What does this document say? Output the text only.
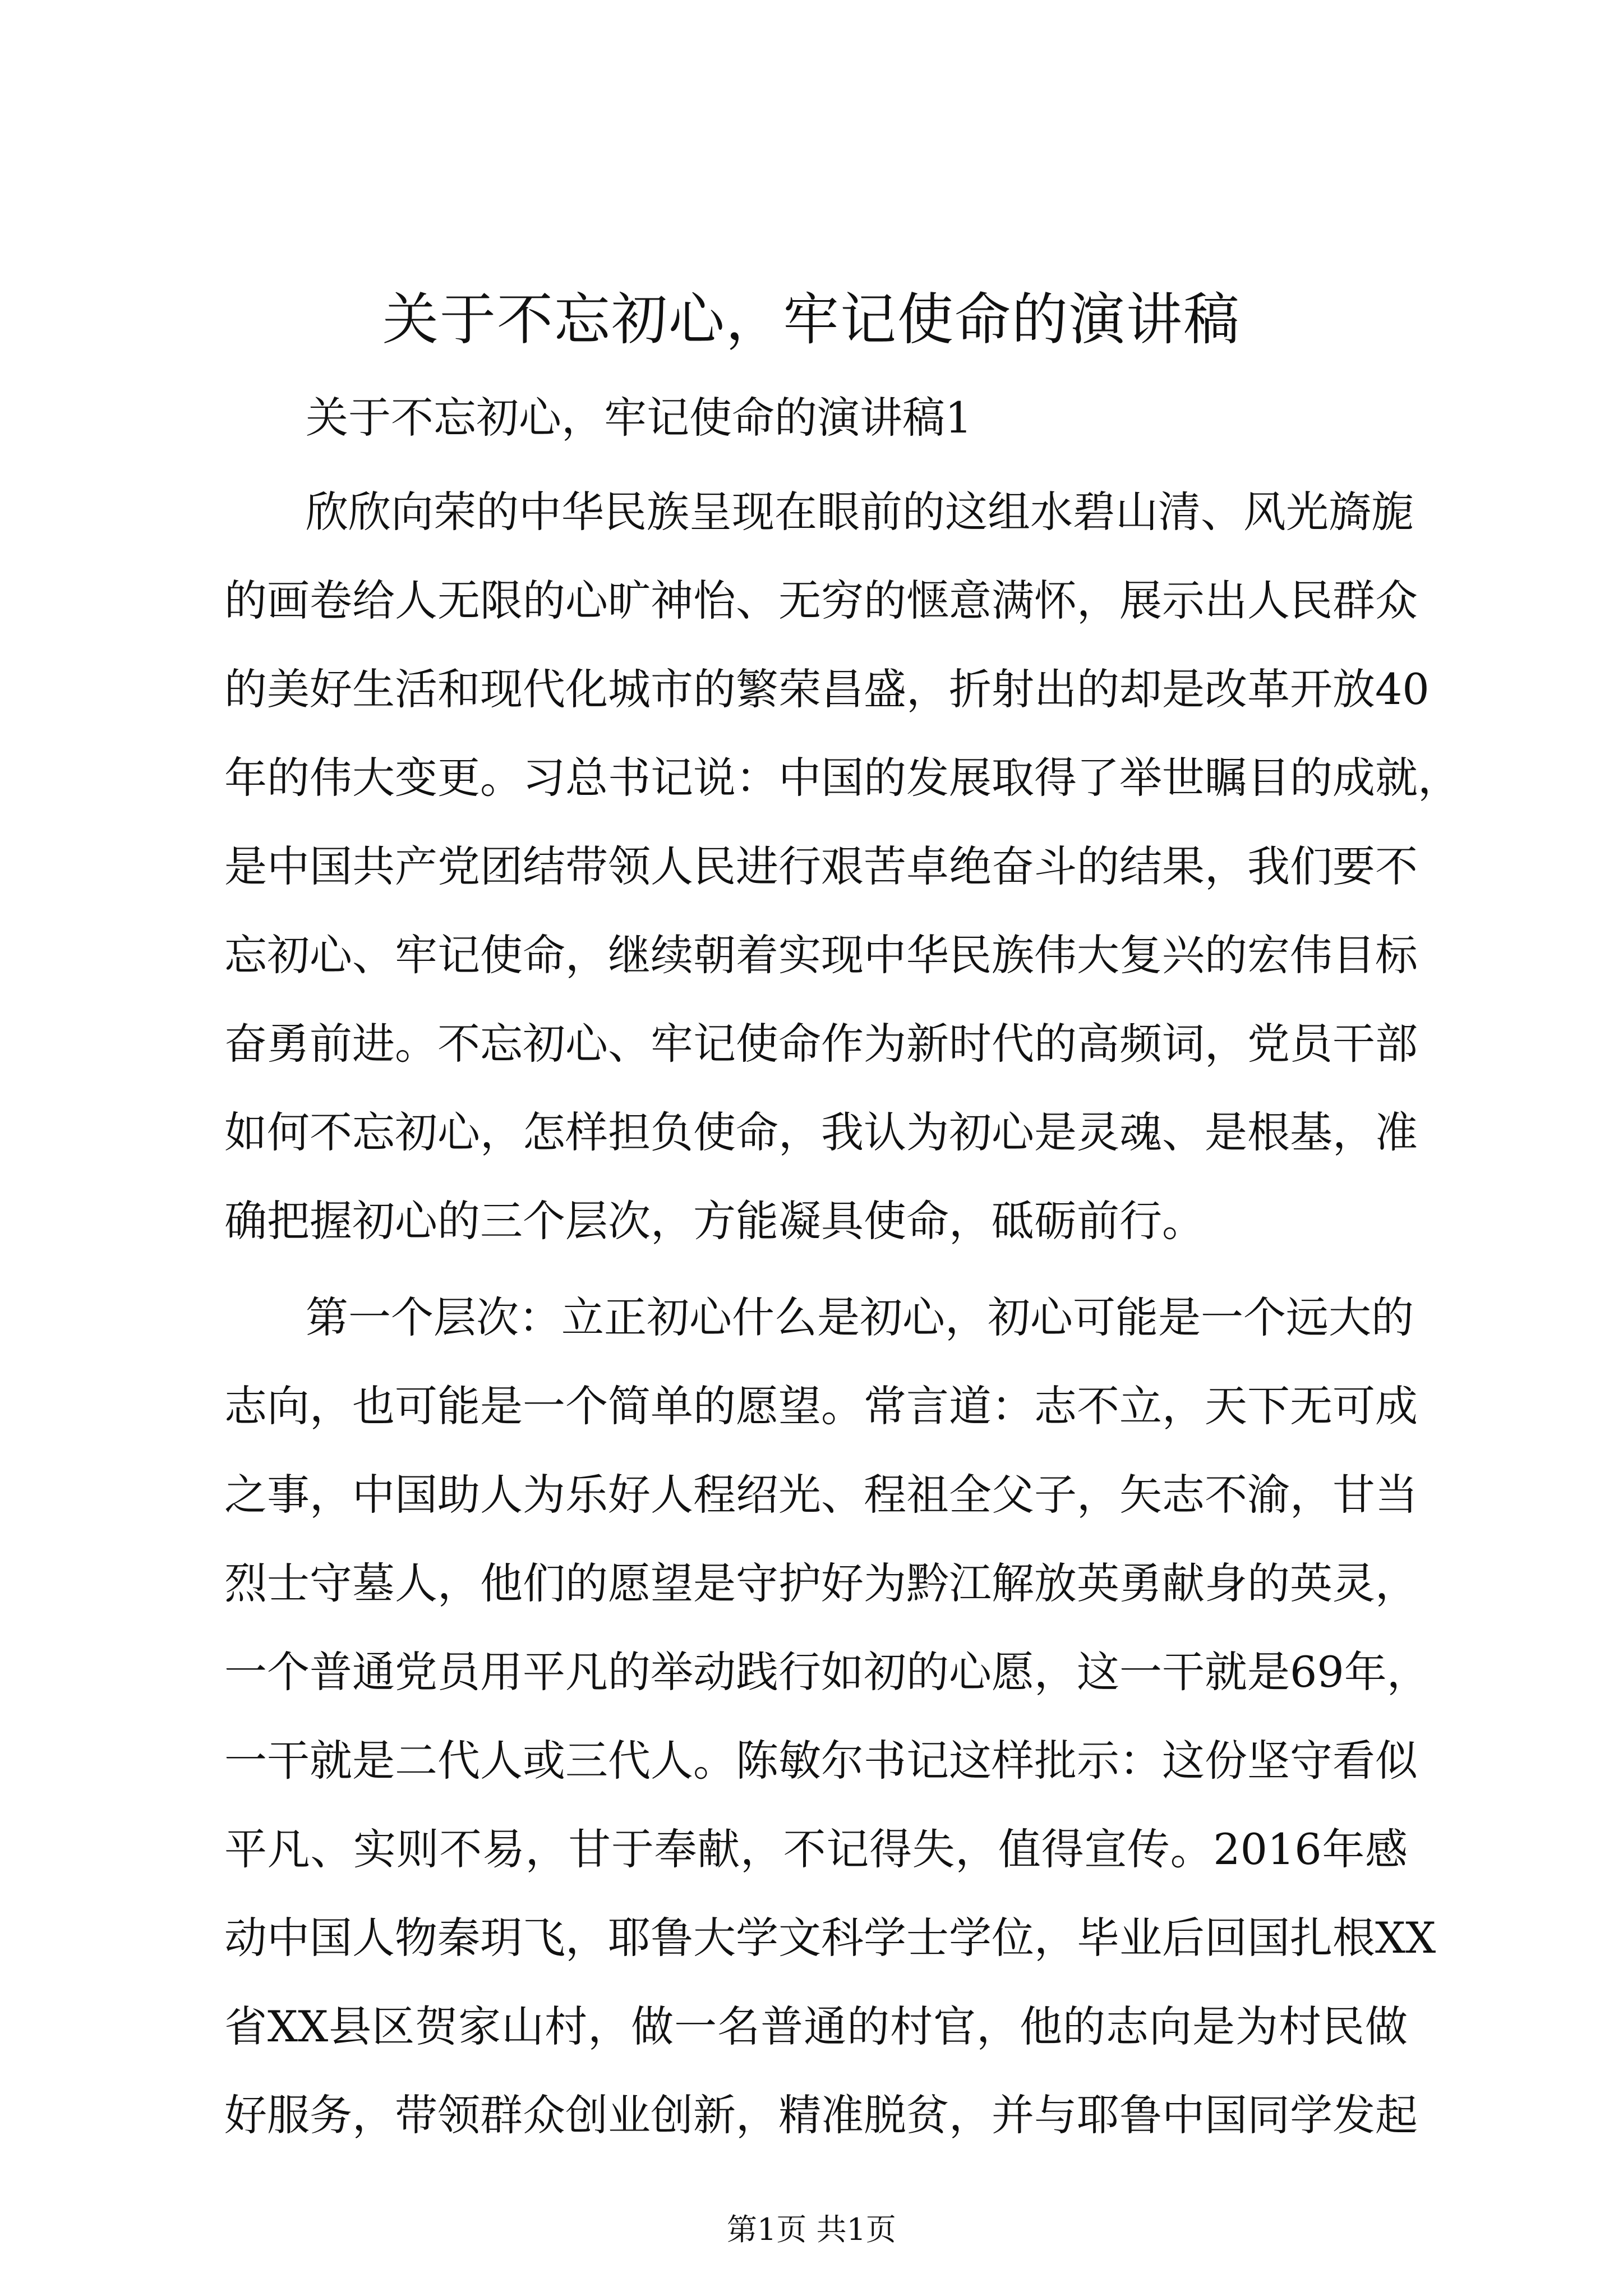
关于不忘初心，牢记使命的演讲稿

关于不忘初心，牢记使命的演讲稿1

欣欣向荣的中华民族呈现在眼前的这组水碧山清、风光旖旎

的画卷给人无限的心旷神怡、无穷的惬意满怀，展示出人民群众

的美好生活和现代化城市的繁荣昌盛，折射出的却是改革开放40

年的伟大变更。习总书记说：中国的发展取得了举世瞩目的成就，

是中国共产党团结带领人民进行艰苦卓绝奋斗的结果，我们要不

忘初心、牢记使命，继续朝着实现中华民族伟大复兴的宏伟目标

奋勇前进。不忘初心、牢记使命作为新时代的高频词，党员干部

如何不忘初心，怎样担负使命，我认为初心是灵魂、是根基，准

确把握初心的三个层次，方能凝具使命，砥砺前行。

第一个层次：立正初心什么是初心，初心可能是一个远大的

志向，也可能是一个简单的愿望。常言道：志不立，天下无可成

之事，中国助人为乐好人程绍光、程祖全父子，矢志不渝，甘当

烈士守墓人，他们的愿望是守护好为黔江解放英勇献身的英灵，

一个普通党员用平凡的举动践行如初的心愿，这一干就是69年，

一干就是二代人或三代人。陈敏尔书记这样批示：这份坚守看似

平凡、实则不易，甘于奉献，不记得失，值得宣传。2016年感

动中国人物秦玥飞，耶鲁大学文科学士学位，毕业后回国扎根XX

省XX县区贺家山村，做一名普通的村官，他的志向是为村民做

好服务，带领群众创业创新，精准脱贫，并与耶鲁中国同学发起

第1页 共1页
